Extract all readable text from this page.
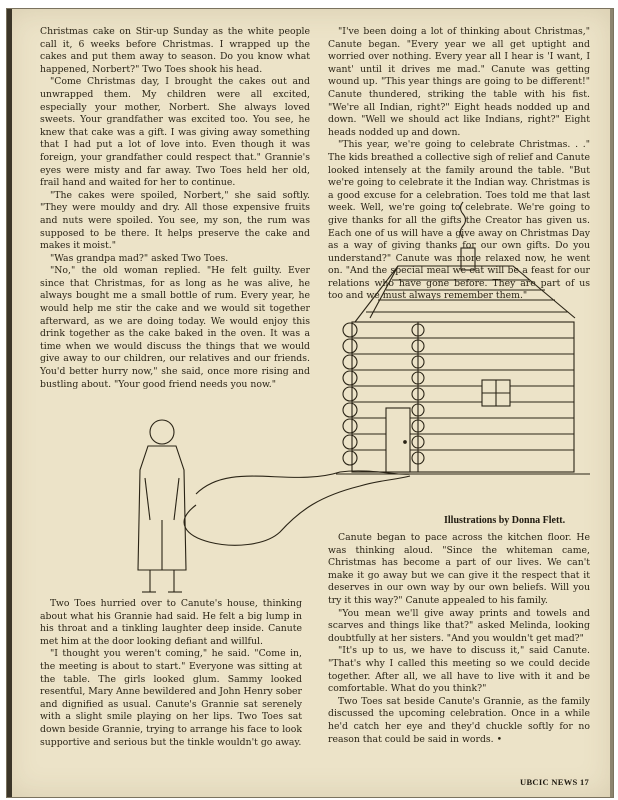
Christmas cake on Stir-up Sunday as the white people call it, 6 weeks before Christmas. I wrapped up the cakes and put them away to season. Do you know what happened, Norbert?" Two Toes shook his head.

"Come Christmas day, I brought the cakes out and unwrapped them. My children were all excited, especially your mother, Norbert. She always loved sweets. Your grandfather was excited too. You see, he knew that cake was a gift. I was giving away something that I had put a lot of love into. Even though it was foreign, your grandfather could respect that." Grannie's eyes were misty and far away. Two Toes held her old, frail hand and waited for her to continue.

"The cakes were spoiled, Norbert," she said softly. "They were mouldy and dry. All those expensive fruits and nuts were spoiled. You see, my son, the rum was supposed to be there. It helps preserve the cake and makes it moist."

"Was grandpa mad?" asked Two Toes.

"No," the old woman replied. "He felt guilty. Ever since that Christmas, for as long as he was alive, he always bought me a small bottle of rum. Every year, he would help me stir the cake and we would sit together afterward, as we are doing today. We would enjoy this drink together as the cake baked in the oven. It was a time when we would discuss the things that we would give away to our children, our relatives and our friends. You'd better hurry now," she said, once more rising and bustling about. "Your good friend needs you now."

"I've been doing a lot of thinking about Christmas," Canute began. "Every year we all get uptight and worried over nothing. Every year all I hear is 'I want, I want' until it drives me mad." Canute was getting wound up. "This year things are going to be different!" Canute thundered, striking the table with his fist. "We're all Indian, right?" Eight heads nodded up and down. "Well we should act like Indians, right?" Eight heads nodded up and down.

"This year, we're going to celebrate Christmas. . ." The kids breathed a collective sigh of relief and Canute looked intensely at the family around the table. "But we're going to celebrate it the Indian way. Christmas is a good excuse for a celebration. Toes told me that last week. Well, we're going to celebrate. We're going to give thanks for all the gifts the Creator has given us. Each one of us will have a give away on Christmas Day as a way of giving thanks for our own gifts. Do you understand?" Canute was more relaxed now, he went on. "And the special meal we eat will be a feast for our relations who have gone before. They are part of us too and we must always remember them."

Illustrations by Donna Flett.

Two Toes hurried over to Canute's house, thinking about what his Grannie had said. He felt a big lump in his throat and a tinkling laughter deep inside. Canute met him at the door looking defiant and willful.

"I thought you weren't coming," he said. "Come in, the meeting is about to start." Everyone was sitting at the table. The girls looked glum. Sammy looked resentful, Mary Anne bewildered and John Henry sober and dignified as usual. Canute's Grannie sat serenely with a slight smile playing on her lips. Two Toes sat down beside Grannie, trying to arrange his face to look supportive and serious but the tinkle wouldn't go away.

Canute began to pace across the kitchen floor. He was thinking aloud. "Since the whiteman came, Christmas has become a part of our lives. We can't make it go away but we can give it the respect that it deserves in our own way by our own beliefs. Will you try it this way?" Canute appealed to his family.

"You mean we'll give away prints and towels and scarves and things like that?" asked Melinda, looking doubtfully at her sisters. "And you wouldn't get mad?"

"It's up to us, we have to discuss it," said Canute. "That's why I called this meeting so we could decide together. After all, we all have to live with it and be comfortable. What do you think?"

Two Toes sat beside Canute's Grannie, as the family discussed the upcoming celebration. Once in a while he'd catch her eye and they'd chuckle softly for no reason that could be said in words. •

UBCIC NEWS 17
